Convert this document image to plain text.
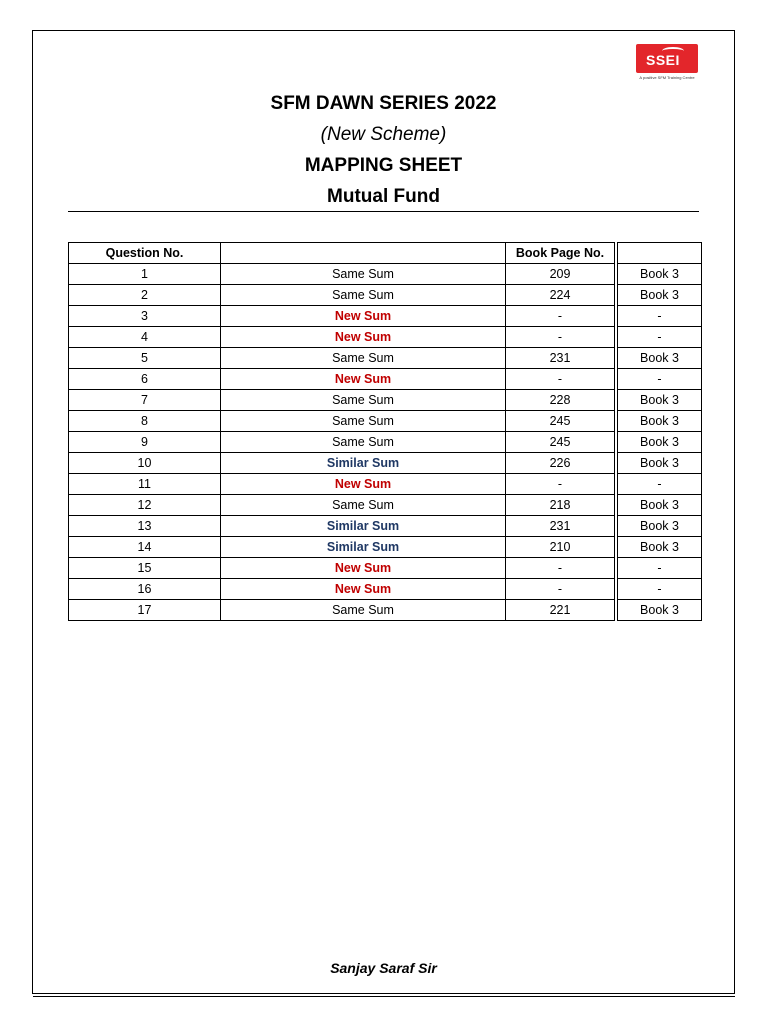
SSEI
A positive SFM Training Centre
SFM DAWN SERIES 2022
(New Scheme)
MAPPING SHEET
Mutual Fund
Question No.		Book Page No.		
1	Same Sum	209		Book 3
2	Same Sum	224		Book 3
3	New Sum	-		-
4	New Sum	-		-
5	Same Sum	231		Book 3
6	New Sum	-		-
7	Same Sum	228		Book 3
8	Same Sum	245		Book 3
9	Same Sum	245		Book 3
10	Similar Sum	226		Book 3
11	New Sum	-		-
12	Same Sum	218		Book 3
13	Similar Sum	231		Book 3
14	Similar Sum	210		Book 3
15	New Sum	-		-
16	New Sum	-		-
17	Same Sum	221		Book 3
Sanjay Saraf Sir
